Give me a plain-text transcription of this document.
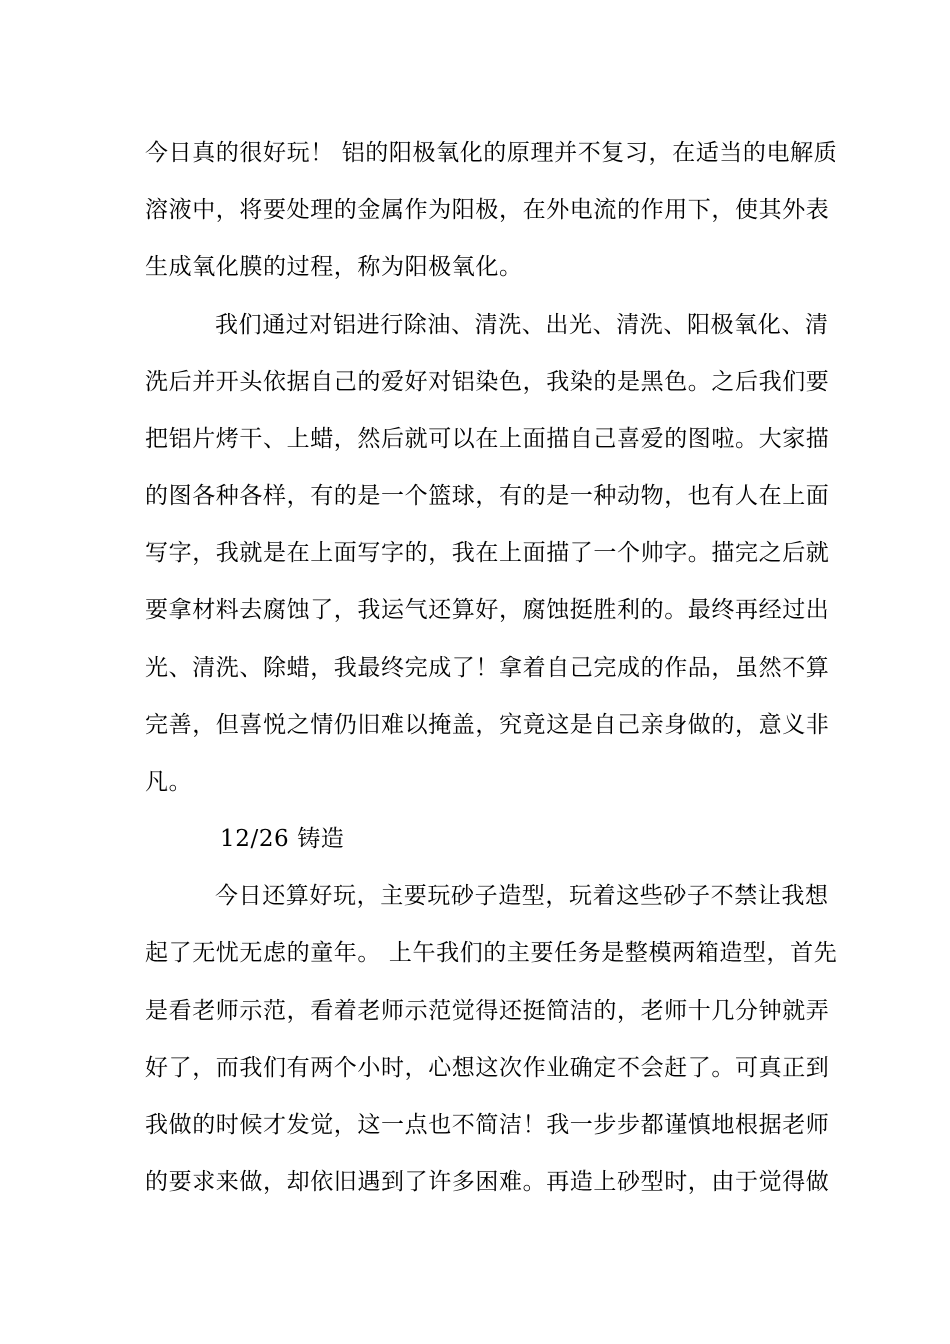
今日真的很好玩！ 铝的阳极氧化的原理并不复习，在适当的电解质
溶液中，将要处理的金属作为阳极，在外电流的作用下，使其外表
生成氧化膜的过程，称为阳极氧化。
我们通过对铝进行除油、清洗、出光、清洗、阳极氧化、清
洗后并开头依据自己的爱好对铝染色，我染的是黑色。之后我们要
把铝片烤干、上蜡，然后就可以在上面描自己喜爱的图啦。大家描
的图各种各样，有的是一个篮球，有的是一种动物，也有人在上面
写字，我就是在上面写字的，我在上面描了一个帅字。描完之后就
要拿材料去腐蚀了，我运气还算好，腐蚀挺胜利的。最终再经过出
光、清洗、除蜡，我最终完成了！拿着自己完成的作品，虽然不算
完善，但喜悦之情仍旧难以掩盖，究竟这是自己亲身做的，意义非
凡。
12/26 铸造
今日还算好玩，主要玩砂子造型，玩着这些砂子不禁让我想
起了无忧无虑的童年。 上午我们的主要任务是整模两箱造型，首先
是看老师示范，看着老师示范觉得还挺简洁的，老师十几分钟就弄
好了，而我们有两个小时，心想这次作业确定不会赶了。可真正到
我做的时候才发觉，这一点也不简洁！我一步步都谨慎地根据老师
的要求来做，却依旧遇到了许多困难。再造上砂型时，由于觉得做
